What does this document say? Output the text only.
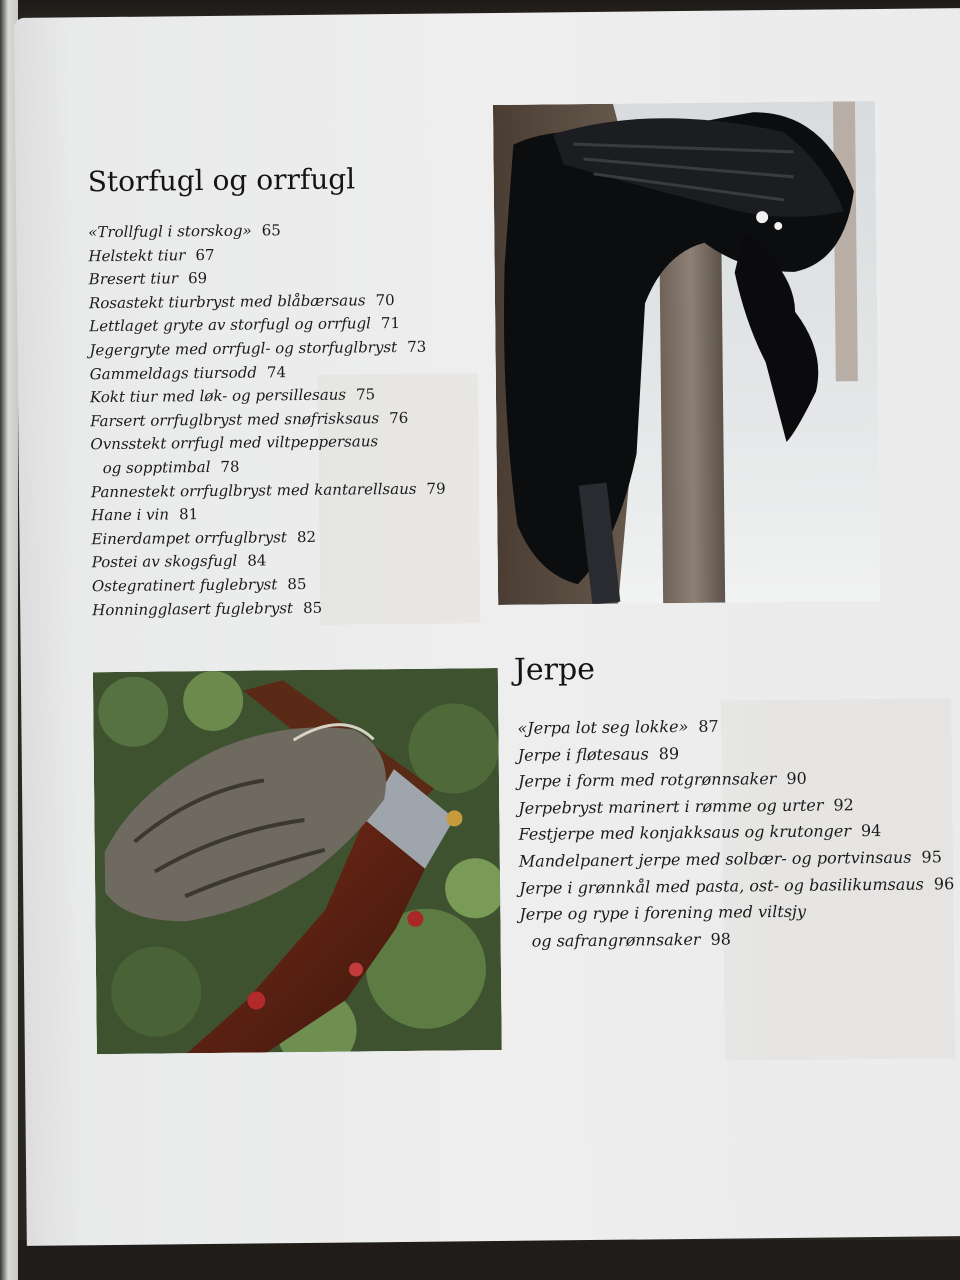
Storfugl og orrfugl
«Trollfugl i storskog» 65
Helstekt tiur 67
Bresert tiur 69
Rosastekt tiurbryst med blåbærsaus 70
Lettlaget gryte av storfugl og orrfugl 71
Jegergryte med orrfugl- og storfuglbryst 73
Gammeldags tiursodd 74
Kokt tiur med løk- og persillesaus 75
Farsert orrfuglbryst med snøfrisksaus 76
Ovnsstekt orrfugl med viltpeppersaus
og sopptimbal 78
Pannestekt orrfuglbryst med kantarellsaus 79
Hane i vin 81
Einerdampet orrfuglbryst 82
Postei av skogsfugl 84
Ostegratinert fuglebryst 85
Honningglasert fuglebryst 85
Jerpe
«Jerpa lot seg lokke» 87
Jerpe i fløtesaus 89
Jerpe i form med rotgrønnsaker 90
Jerpebryst marinert i rømme og urter 92
Festjerpe med konjakksaus og krutonger 94
Mandelpanert jerpe med solbær- og portvinsaus 95
Jerpe i grønnkål med pasta, ost- og basilikumsaus 96
Jerpe og rype i forening med viltsjy
og safrangrønnsaker 98
